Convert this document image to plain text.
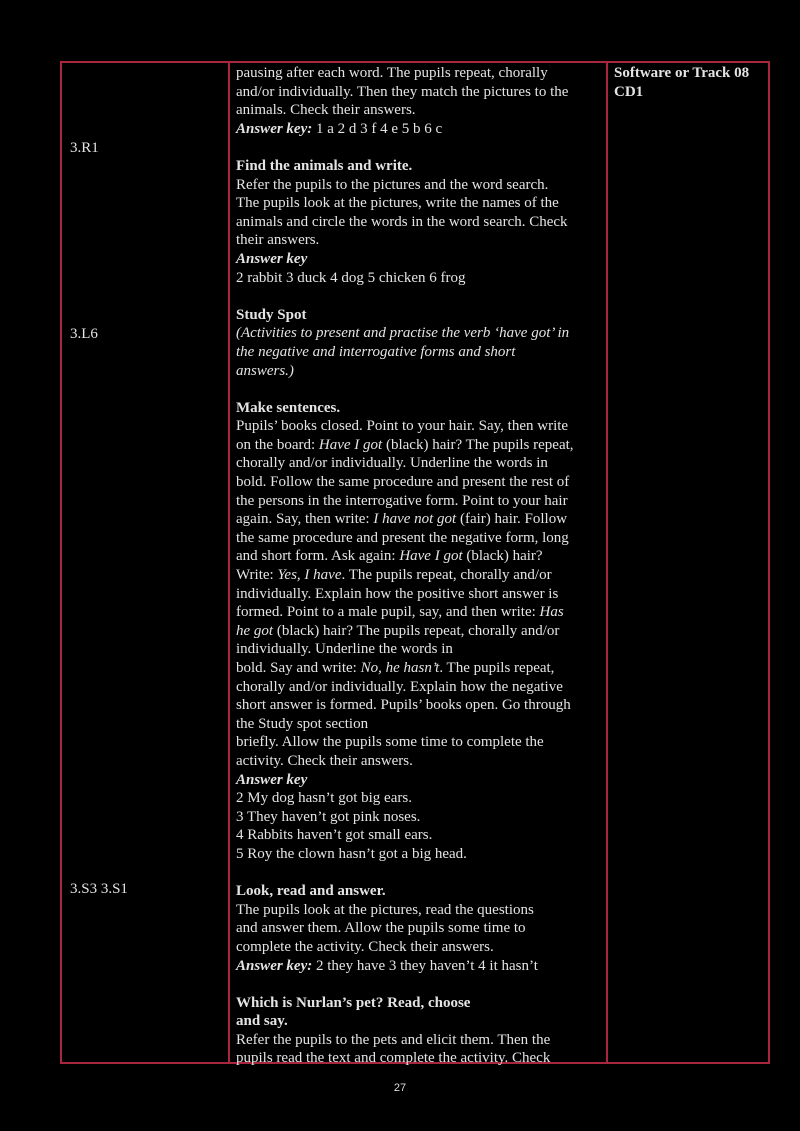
3.R1
3.L6
3.S3 3.S1

pausing after each word. The pupils repeat, chorally

and/or individually. Then they match the pictures to the

animals. Check their answers.

Answer key: 1 a 2 d 3 f 4 e 5 b 6 c

Find the animals and write.

Refer the pupils to the pictures and the word search.

The pupils look at the pictures, write the names of the

animals and circle the words in the word search. Check

their answers.

Answer key

2 rabbit 3 duck 4 dog 5 chicken 6 frog

Study Spot

(Activities to present and practise the verb ‘have got’ in

the negative and interrogative forms and short

answers.)

Make sentences.

Pupils’ books closed. Point to your hair. Say, then write

on the board: Have I got (black) hair? The pupils repeat,

chorally and/or individually. Underline the words in

bold. Follow the same procedure and present the rest of

the persons in the interrogative form. Point to your hair

again. Say, then write: I have not got (fair) hair. Follow

the same procedure and present the negative form, long

and short form. Ask again: Have I got (black) hair?

Write: Yes, I have. The pupils repeat, chorally and/or

individually. Explain how the positive short answer is

formed. Point to a male pupil, say, and then write: Has

he got (black) hair? The pupils repeat, chorally and/or

individually. Underline the words in

bold. Say and write: No, he hasn’t. The pupils repeat,

chorally and/or individually. Explain how the negative

short answer is formed. Pupils’ books open. Go through

the Study spot section

briefly. Allow the pupils some time to complete the

activity. Check their answers.

Answer key

2 My dog hasn’t got big ears.

3 They haven’t got pink noses.

4 Rabbits haven’t got small ears.

5 Roy the clown hasn’t got a big head.

Look, read and answer.

The pupils look at the pictures, read the questions

and answer them. Allow the pupils some time to

complete the activity. Check their answers.

Answer key: 2 they have 3 they haven’t 4 it hasn’t

Which is Nurlan’s pet? Read, choose

and say.

Refer the pupils to the pets and elicit them. Then the

pupils read the text and complete the activity. Check

Software or Track 08
CD1
27
